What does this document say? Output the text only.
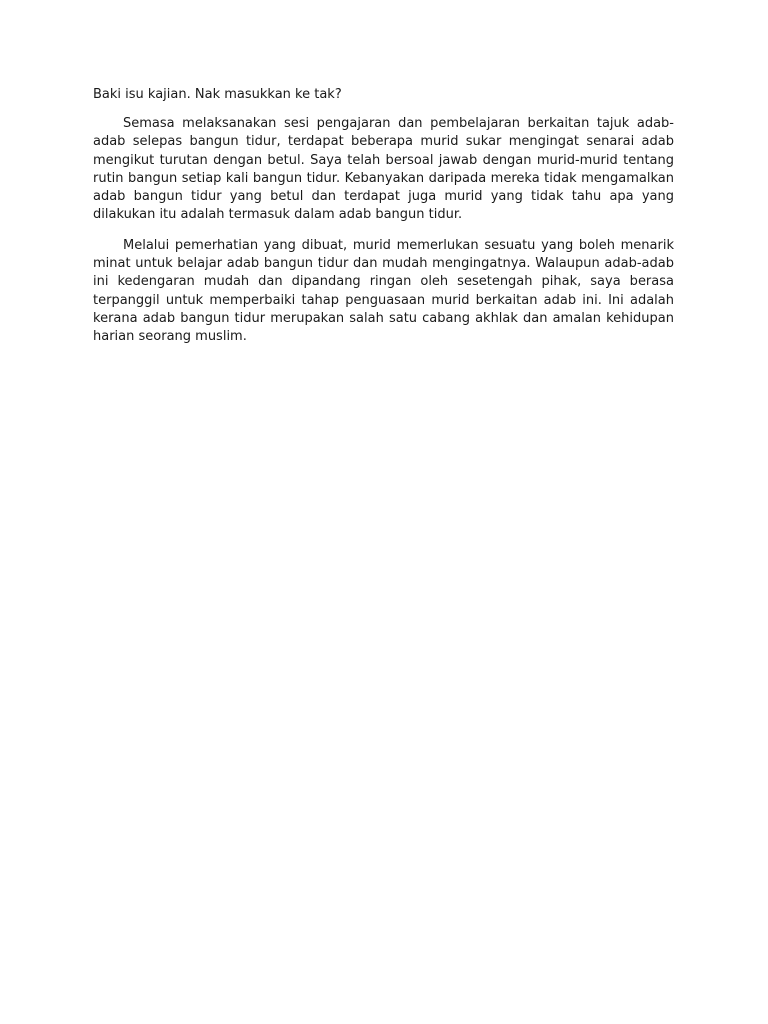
Baki isu kajian. Nak masukkan ke tak?

Semasa melaksanakan sesi pengajaran dan pembelajaran berkaitan tajuk adab-adab selepas bangun tidur, terdapat beberapa murid sukar mengingat senarai adab mengikut turutan dengan betul. Saya telah bersoal jawab dengan murid-murid tentang rutin bangun setiap kali bangun tidur. Kebanyakan daripada mereka tidak mengamalkan adab bangun tidur yang betul dan terdapat juga murid yang tidak tahu apa yang dilakukan itu adalah termasuk dalam adab bangun tidur.

Melalui pemerhatian yang dibuat, murid memerlukan sesuatu yang boleh menarik minat untuk belajar adab bangun tidur dan mudah mengingatnya. Walaupun adab-adab ini kedengaran mudah dan dipandang ringan oleh sesetengah pihak, saya berasa terpanggil untuk memperbaiki tahap penguasaan murid berkaitan adab ini. Ini adalah kerana adab bangun tidur merupakan salah satu cabang akhlak dan amalan kehidupan harian seorang muslim.
